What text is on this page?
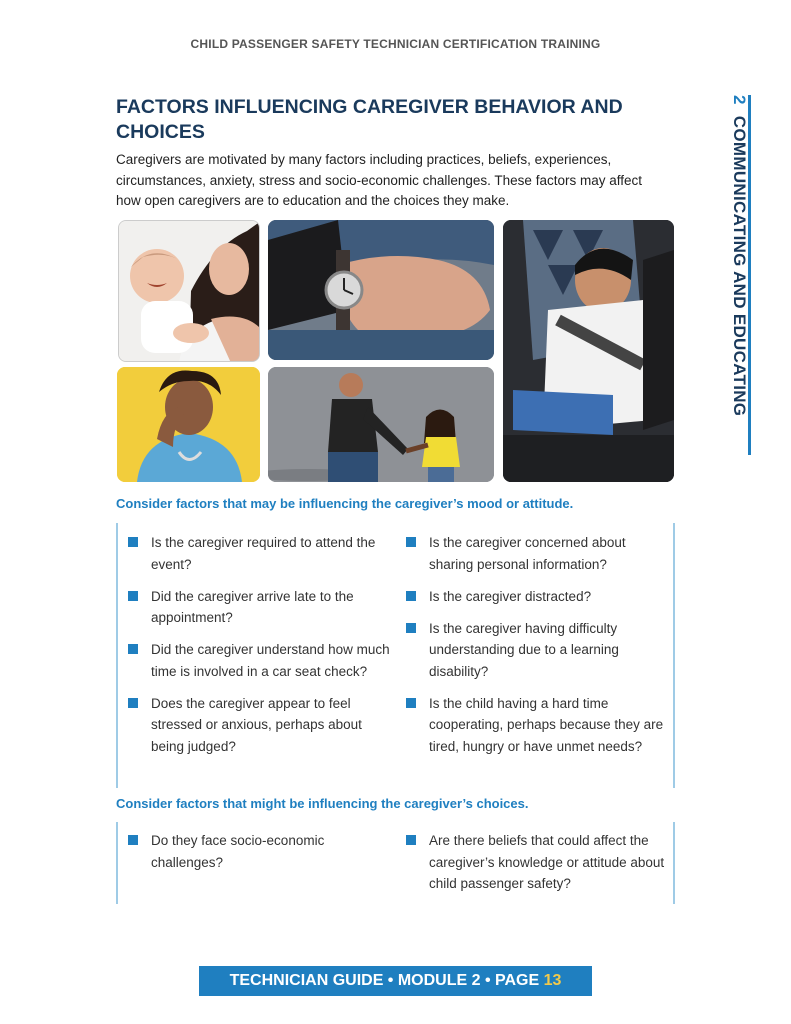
CHILD PASSENGER SAFETY TECHNICIAN CERTIFICATION TRAINING
2 COMMUNICATING AND EDUCATING
FACTORS INFLUENCING CAREGIVER BEHAVIOR AND CHOICES

Caregivers are motivated by many factors including practices, beliefs, experiences, circumstances, anxiety, stress and socio-economic challenges. These factors may affect how open caregivers are to education and the choices they make.

Consider factors that may be influencing the caregiver’s mood or attitude.
Is the caregiver required to attend the event?
Did the caregiver arrive late to the appointment?
Did the caregiver understand how much time is involved in a car seat check?
Does the caregiver appear to feel stressed or anxious, perhaps about being judged?
Is the caregiver concerned about sharing personal information?
Is the caregiver distracted?
Is the caregiver having difficulty understanding due to a learning disability?
Is the child having a hard time cooperating, perhaps because they are tired, hungry or have unmet needs?
Consider factors that might be influencing the caregiver’s choices.
Do they face socio-economic challenges?
Are there beliefs that could affect the caregiver’s knowledge or attitude about child passenger safety?
TECHNICIAN GUIDE • MODULE 2 • PAGE 13
